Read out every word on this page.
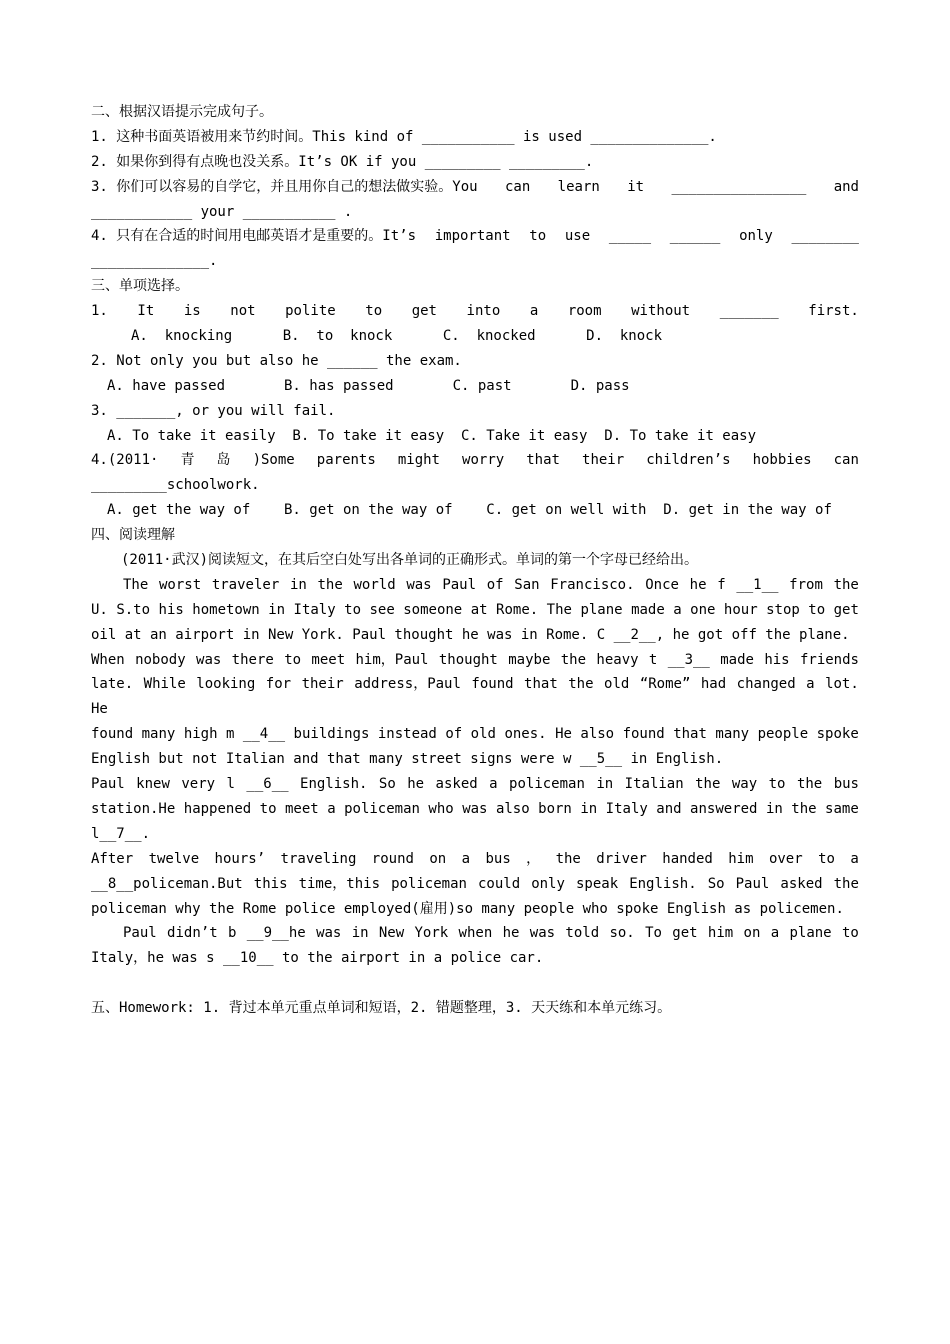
二、根据汉语提示完成句子。
1. 这种书面英语被用来节约时间。This kind of ___________ is used ______________.
2. 如果你到得有点晚也没关系。It’s OK if you _________ _________.
3. 你们可以容易的自学它，并且用你自己的想法做实验。You can learn it ________________ and
____________ your ___________ .
4. 只有在合适的时间用电邮英语才是重要的。It’s important to use _____ ______ only ________
______________.
三、单项选择。
1. It is not polite to get into a room without _______ first.
A.  knocking      B.  to  knock      C.  knocked      D.  knock
2. Not only you but also he ______ the exam.
A. have passed       B. has passed       C. past       D. pass
3. _______, or you will fail.
A. To take it easily  B. To take it easy  C. Take it easy  D. To take it easy
4.(2011· 青 岛 )Some parents might worry that their children’s hobbies can
_________schoolwork.
A. get the way of    B. get on the way of    C. get on well with  D. get in the way of
四、阅读理解
(2011·武汉)阅读短文，在其后空白处写出各单词的正确形式。单词的第一个字母已经给出。
The worst traveler in the world was Paul of San Francisco. Once he f __1__ from the
U. S.to his hometown in Italy to see someone at Rome. The plane made a one hour stop to get
oil at an airport in New York. Paul thought he was in Rome. C __2__, he got off the plane.
When nobody was there to meet him，Paul thought maybe the heavy t __3__ made his friends
late. While looking for their address，Paul found that the old “Rome” had changed a lot.
He
found many high m __4__ buildings instead of old ones. He also found that many people spoke
English but not Italian and that many street signs were w __5__ in English.
Paul knew very l __6__ English. So he asked a policeman in Italian the way to the bus
station.He happened to meet a policeman who was also born in Italy and answered in the same
l__7__.
After twelve hours’ traveling round on a bus ， the driver handed him over to a
__8__policeman.But this time，this policeman could only speak English. So Paul asked the
policeman why the Rome police employed(雇用)so many people who spoke English as policemen.
Paul didn’t b __9__he was in New York when he was told so. To get him on a plane to
Italy，he was s __10__ to the airport in a police car.
五、Homework: 1. 背过本单元重点单词和短语，2. 错题整理，3. 天天练和本单元练习。
